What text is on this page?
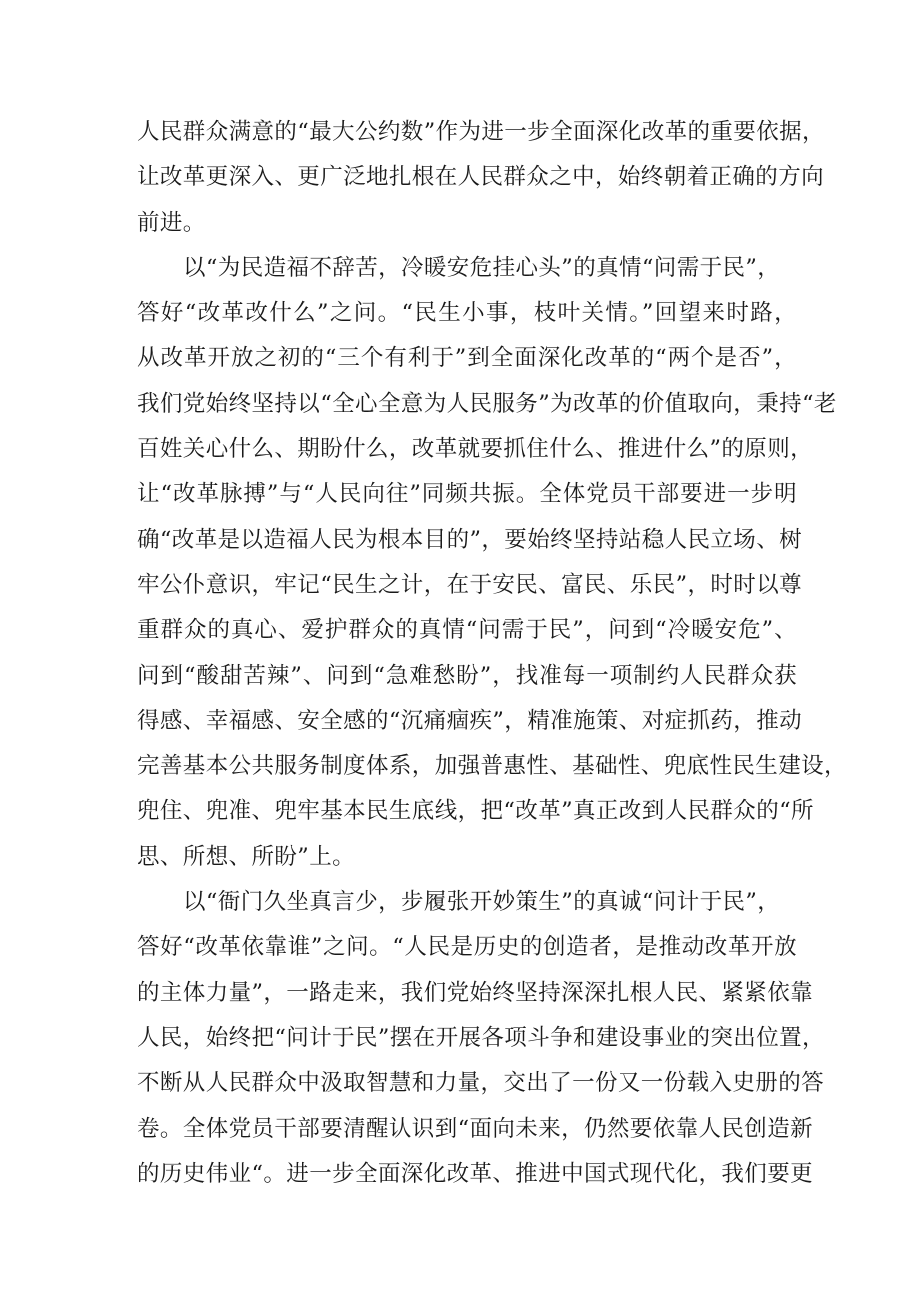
人民群众满意的“最大公约数”作为进一步全面深化改革的重要依据，
让改革更深入、更广泛地扎根在人民群众之中，始终朝着正确的方向
前进。
以“为民造福不辞苦，冷暖安危挂心头”的真情“问需于民”，
答好“改革改什么”之问。“民生小事，枝叶关情。”回望来时路，
从改革开放之初的“三个有利于”到全面深化改革的“两个是否”，
我们党始终坚持以“全心全意为人民服务”为改革的价值取向，秉持“老
百姓关心什么、期盼什么，改革就要抓住什么、推进什么”的原则，
让“改革脉搏”与“人民向往”同频共振。全体党员干部要进一步明
确“改革是以造福人民为根本目的”，要始终坚持站稳人民立场、树
牢公仆意识，牢记“民生之计，在于安民、富民、乐民”，时时以尊
重群众的真心、爱护群众的真情“问需于民”，问到“冷暖安危”、
问到“酸甜苦辣”、问到“急难愁盼”，找准每一项制约人民群众获
得感、幸福感、安全感的“沉痛痼疾”，精准施策、对症抓药，推动
完善基本公共服务制度体系，加强普惠性、基础性、兜底性民生建设，
兜住、兜准、兜牢基本民生底线，把“改革”真正改到人民群众的“所
思、所想、所盼”上。
以“衙门久坐真言少，步履张开妙策生”的真诚“问计于民”，
答好“改革依靠谁”之问。“人民是历史的创造者，是推动改革开放
的主体力量”，一路走来，我们党始终坚持深深扎根人民、紧紧依靠
人民，始终把“问计于民”摆在开展各项斗争和建设事业的突出位置，
不断从人民群众中汲取智慧和力量，交出了一份又一份载入史册的答
卷。全体党员干部要清醒认识到“面向未来，仍然要依靠人民创造新
的历史伟业“。进一步全面深化改革、推进中国式现代化，我们要更
